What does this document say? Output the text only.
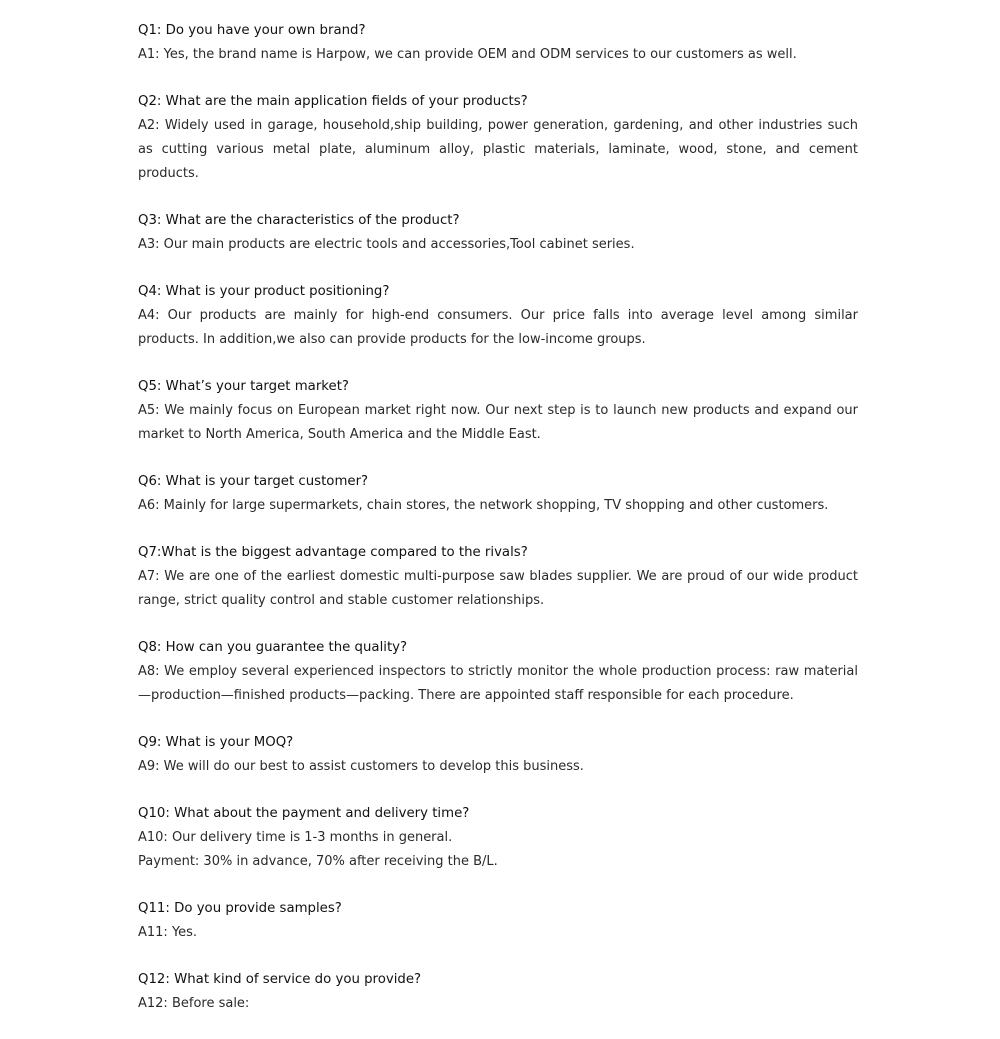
Q1: Do you have your own brand?

A1: Yes, the brand name is Harpow, we can provide OEM and ODM services to our customers as well.

Q2: What are the main application fields of your products?

A2: Widely used in garage, household,ship building, power generation, gardening, and other industries such as cutting various metal plate, aluminum alloy, plastic materials, laminate, wood, stone, and cement products.

Q3: What are the characteristics of the product?

A3: Our main products are electric tools and accessories,Tool cabinet series.

Q4: What is your product positioning?

A4: Our products are mainly for high-end consumers. Our price falls into average level among similar products. In addition,we also can provide products for the low-income groups.

Q5: What’s your target market?

A5: We mainly focus on European market right now. Our next step is to launch new products and expand our market to North America, South America and the Middle East.

Q6: What is your target customer?

A6: Mainly for large supermarkets, chain stores, the network shopping, TV shopping and other customers.

Q7:What is the biggest advantage compared to the rivals?

A7: We are one of the earliest domestic multi-purpose saw blades supplier. We are proud of our wide product range, strict quality control and stable customer relationships.

Q8: How can you guarantee the quality?

A8: We employ several experienced inspectors to strictly monitor the whole production process: raw material—production—finished products—packing. There are appointed staff responsible for each procedure.

Q9: What is your MOQ?

A9: We will do our best to assist customers to develop this business.

Q10: What about the payment and delivery time?

A10: Our delivery time is 1-3 months in general.
Payment: 30% in advance, 70% after receiving the B/L.

Q11: Do you provide samples?

A11: Yes.

Q12: What kind of service do you provide?

A12: Before sale:
